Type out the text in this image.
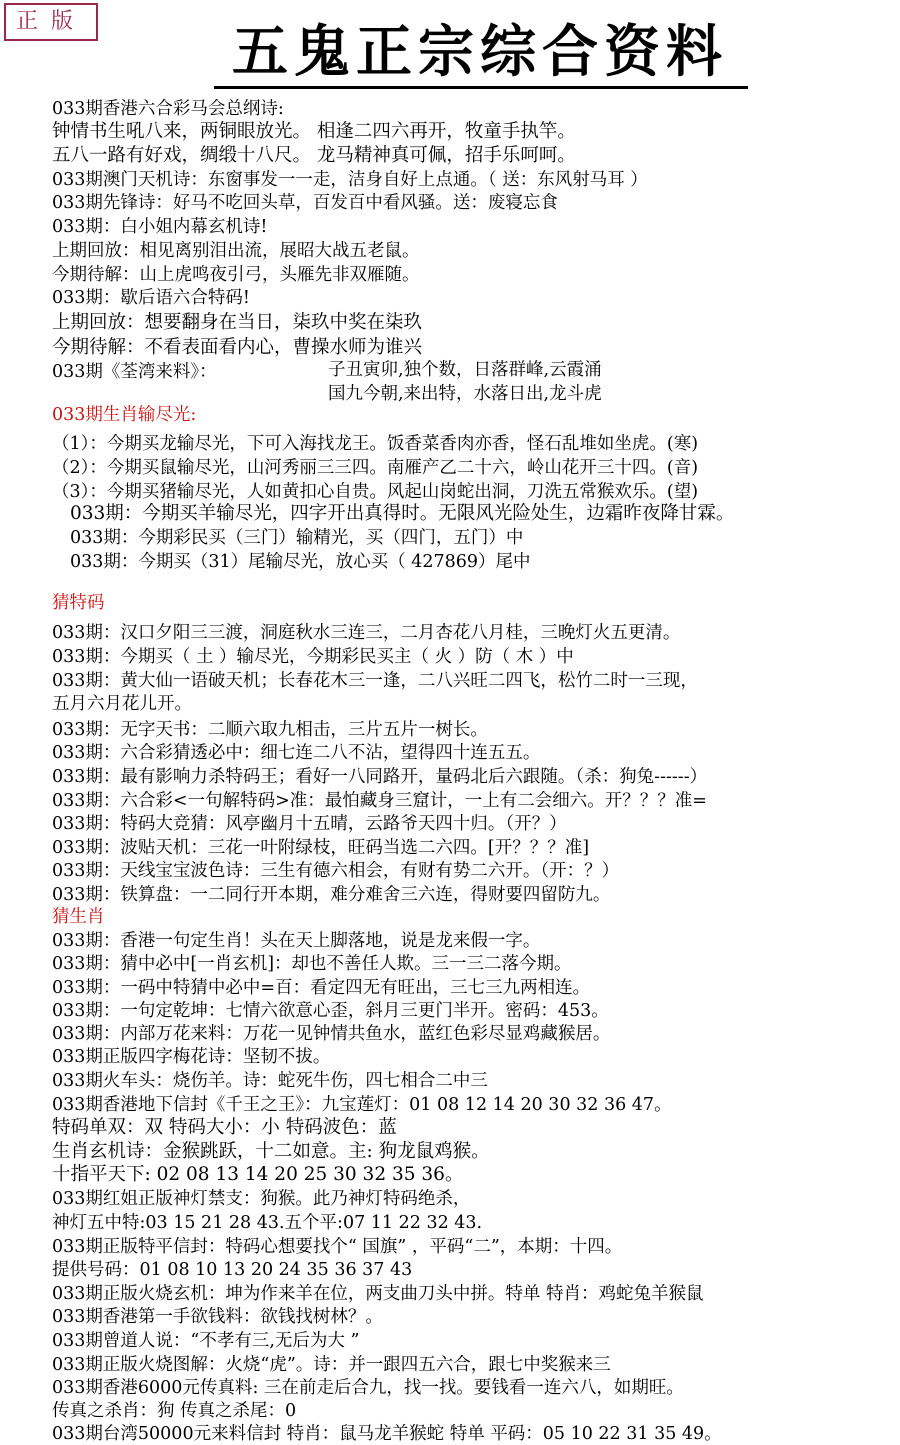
正 版	五鬼正宗综合资料
033期香港六合彩马会总纲诗:
钟情书生吼八来，两铜眼放光。 相逢二四六再开，牧童手执竿。
五八一路有好戏，绸缎十八尺。 龙马精神真可佩，招手乐呵呵。
033期澳门天机诗：东窗事发一一走，洁身自好上点通。（ 送：东风射马耳 ）
033期先锋诗：好马不吃回头草，百发百中看风骚。送：废寝忘食
033期：白小姐内幕玄机诗!
上期回放：相见离别泪出流，展昭大战五老鼠。
今期待解：山上虎鸣夜引弓，头雁先非双雁随。
033期：歇后语六合特码!
上期回放：想要翻身在当日，柒玖中奖在柒玖
今期待解：不看表面看内心，曹操水师为谁兴
033期《荃湾来料》：	子丑寅卯,独个数，日落群峰,云霞涌
国九今朝,来出特，水落日出,龙斗虎
033期生肖输尽光:
（1）：今期买龙输尽光，下可入海找龙王。饭香菜香肉亦香，怪石乱堆如坐虎。(寒)
（2）：今期买鼠输尽光，山河秀丽三三四。南雁产乙二十六，岭山花开三十四。(音)
（3）：今期买猪输尽光，人如黄扣心自贵。风起山岗蛇出洞，刀洗五常猴欢乐。(望)
033期：今期买羊输尽光，四字开出真得时。无限风光险处生，边霜昨夜降甘霖。
033期：今期彩民买（三门）输精光，买（四门，五门）中
033期：今期买（31）尾输尽光，放心买（ 427869）尾中
猜特码
033期：汉口夕阳三三渡，洞庭秋水三连三，二月杏花八月桂，三晚灯火五更清。
033期：今期买（ 土 ）输尽光，今期彩民买主（ 火 ）防（ 木 ）中
033期：黄大仙一语破天机；长春花木三一逢，二八兴旺二四飞，松竹二时一三现，
五月六月花儿开。
033期：无字天书：二顺六取九相击，三片五片一树长。
033期：六合彩猜透必中：细七连二八不沾，望得四十连五五。
033期：最有影响力杀特码王；看好一八同路开，量码北后六跟随。（杀：狗兔------）
033期：六合彩<一句解特码>准：最怕藏身三窟计，一上有二会细六。开？？？准=
033期：特码大竞猜：风亭幽月十五晴，云路爷天四十归。（开？）
033期：波贴天机：三花一叶附绿枝，旺码当选二六四。[开？？？准]
033期：天线宝宝波色诗：三生有德六相会，有财有势二六开。（开：？）
033期：铁算盘：一二同行开本期，难分难舍三六连，得财要四留防九。
猜生肖
033期：香港一句定生肖！头在天上脚落地，说是龙来假一字。
033期：猜中必中[一肖玄机]：却也不善任人欺。三一三二落今期。
033期：一码中特猜中必中=百：看定四无有旺出，三七三九两相连。
033期：一句定乾坤：七情六欲意心歪，斜月三更门半开。密码：453。
033期：内部万花来料：万花一见钟情共鱼水，蓝红色彩尽显鸡藏猴居。
033期正版四字梅花诗：坚韧不拔。
033期火车头：烧伤羊。诗：蛇死牛伤，四七相合二中三
033期香港地下信封《千王之王》：九宝莲灯：01 08 12 14 20 30 32 36 47。
特码单双：双 特码大小：小 特码波色：蓝
生肖玄机诗：金猴跳跃，十二如意。主: 狗龙鼠鸡猴。
十指平天下: 02 08 13 14 20 25 30 32 35 36。
033期红姐正版神灯禁支：狗猴。此乃神灯特码绝杀，
神灯五中特:03 15 21 28 43.五个平:07 11 22 32 43.
033期正版特平信封：特码心想要找个“ 国旗” ，平码“二”，本期：十四。
提供号码：01 08 10 13 20 24 35 36 37 43
033期正版火烧玄机：坤为作来羊在位，两支曲刀头中拼。特单 特肖：鸡蛇兔羊猴鼠
033期香港第一手欲钱料：欲钱找树林？。
033期曾道人说：“不孝有三,无后为大 ”
033期正版火烧图解：火烧“虎”。诗：并一跟四五六合，跟七中奖猴来三
033期香港6000元传真料: 三在前走后合九，找一找。要钱看一连六八，如期旺。
传真之杀肖：狗 传真之杀尾：0
033期台湾50000元来料信封 特肖：鼠马龙羊猴蛇 特单 平码：05 10 22 31 35 49。
